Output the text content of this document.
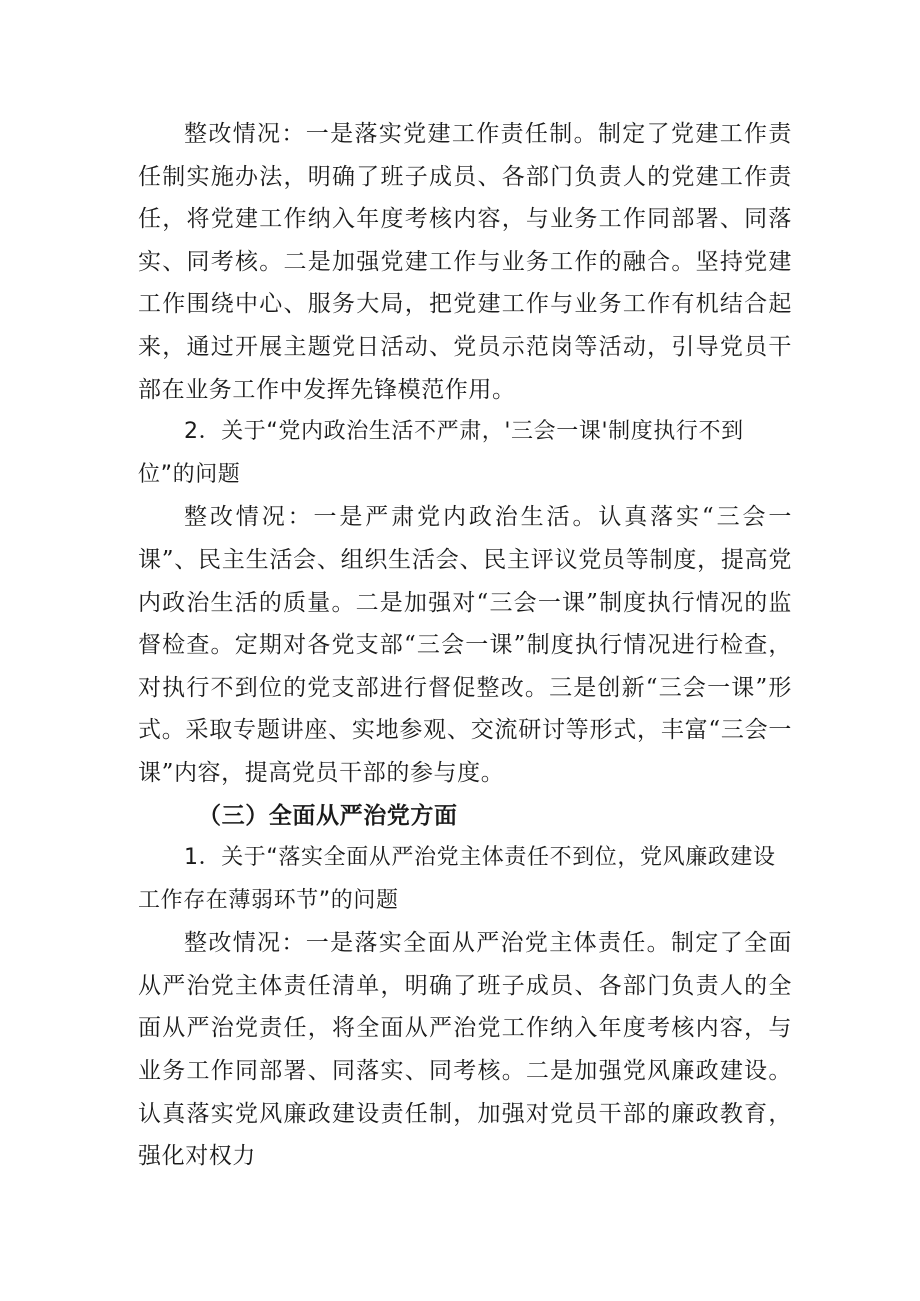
整改情况：一是落实党建工作责任制。制定了党建工作责任制实施办法，明确了班子成员、各部门负责人的党建工作责任，将党建工作纳入年度考核内容，与业务工作同部署、同落实、同考核。二是加强党建工作与业务工作的融合。坚持党建工作围绕中心、服务大局，把党建工作与业务工作有机结合起来，通过开展主题党日活动、党员示范岗等活动，引导党员干部在业务工作中发挥先锋模范作用。

2．关于“党内政治生活不严肃，'三会一课'制度执行不到位”的问题

整改情况：一是严肃党内政治生活。认真落实“三会一课”、民主生活会、组织生活会、民主评议党员等制度，提高党内政治生活的质量。二是加强对“三会一课”制度执行情况的监督检查。定期对各党支部“三会一课”制度执行情况进行检查，对执行不到位的党支部进行督促整改。三是创新“三会一课”形式。采取专题讲座、实地参观、交流研讨等形式，丰富“三会一课”内容，提高党员干部的参与度。

（三）全面从严治党方面

1．关于“落实全面从严治党主体责任不到位，党风廉政建设工作存在薄弱环节”的问题

整改情况：一是落实全面从严治党主体责任。制定了全面从严治党主体责任清单，明确了班子成员、各部门负责人的全面从严治党责任，将全面从严治党工作纳入年度考核内容，与业务工作同部署、同落实、同考核。二是加强党风廉政建设。认真落实党风廉政建设责任制，加强对党员干部的廉政教育，强化对权力
